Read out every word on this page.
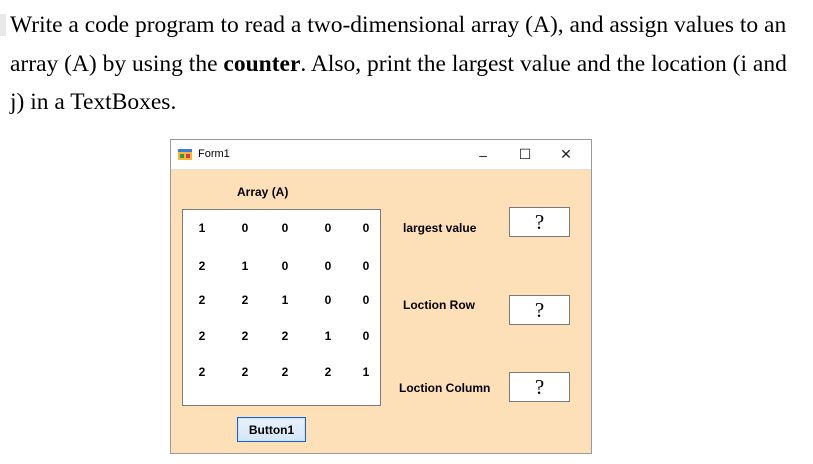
Write a code program to read a two-dimensional array (A), and assign values to an array (A) by using the counter. Also, print the largest value and the location (i and j) in a TextBoxes.
Form1	–	☐	✕
Array (A)
1	0	0	0	0
2	1	0	0	0
2	2	1	0	0
2	2	2	1	0
2	2	2	2	1
largest value	?
Loction Row	?
Loction Column	?
Button1
